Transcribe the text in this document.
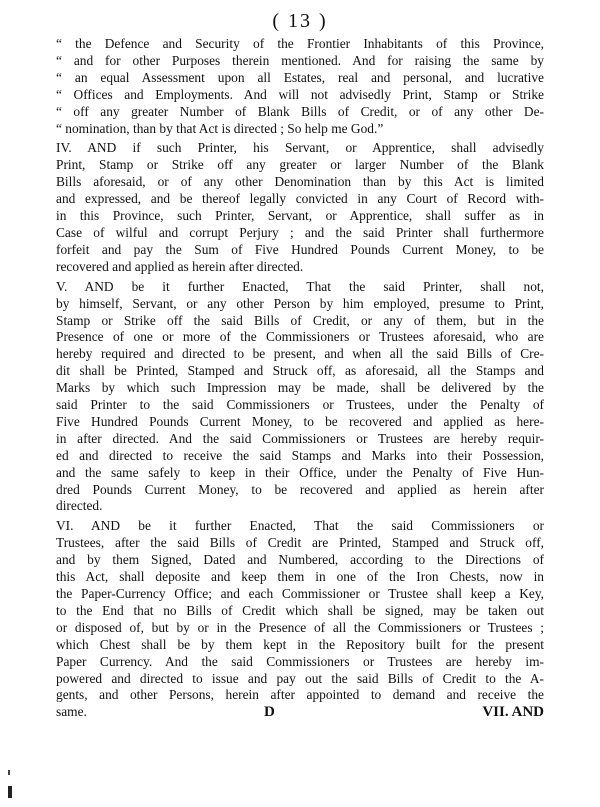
( 13 )
“ the Defence and Security of the Frontier Inhabitants of this Province,
“ and for other Purposes therein mentioned. And for raising the same by
“ an equal Assessment upon all Estates, real and personal, and lucrative
“ Offices and Employments. And will not advisedly Print, Stamp or Strike
“ off any greater Number of Blank Bills of Credit, or of any other De-
“ nomination, than by that Act is directed ; So help me God.”
IV. AND if such Printer, his Servant, or Apprentice, shall advisedly
Print, Stamp or Strike off any greater or larger Number of the Blank
Bills aforesaid, or of any other Denomination than by this Act is limited
and expressed, and be thereof legally convicted in any Court of Record with-
in this Province, such Printer, Servant, or Apprentice, shall suffer as in
Case of wilful and corrupt Perjury ; and the said Printer shall furthermore
forfeit and pay the Sum of Five Hundred Pounds Current Money, to be
recovered and applied as herein after directed.
V. AND be it further Enacted, That the said Printer, shall not,
by himself, Servant, or any other Person by him employed, presume to Print,
Stamp or Strike off the said Bills of Credit, or any of them, but in the
Presence of one or more of the Commissioners or Trustees aforesaid, who are
hereby required and directed to be present, and when all the said Bills of Cre-
dit shall be Printed, Stamped and Struck off, as aforesaid, all the Stamps and
Marks by which such Impression may be made, shall be delivered by the
said Printer to the said Commissioners or Trustees, under the Penalty of
Five Hundred Pounds Current Money, to be recovered and applied as here-
in after directed. And the said Commissioners or Trustees are hereby requir-
ed and directed to receive the said Stamps and Marks into their Possession,
and the same safely to keep in their Office, under the Penalty of Five Hun-
dred Pounds Current Money, to be recovered and applied as herein after
directed.
VI. AND be it further Enacted, That the said Commissioners or
Trustees, after the said Bills of Credit are Printed, Stamped and Struck off,
and by them Signed, Dated and Numbered, according to the Directions of
this Act, shall deposite and keep them in one of the Iron Chests, now in
the Paper-Currency Office; and each Commissioner or Trustee shall keep a Key,
to the End that no Bills of Credit which shall be signed, may be taken out
or disposed of, but by or in the Presence of all the Commissioners or Trustees ;
which Chest shall be by them kept in the Repository built for the present
Paper Currency. And the said Commissioners or Trustees are hereby im-
powered and directed to issue and pay out the said Bills of Credit to the A-
gents, and other Persons, herein after appointed to demand and receive the
same.	D	VII. AND
